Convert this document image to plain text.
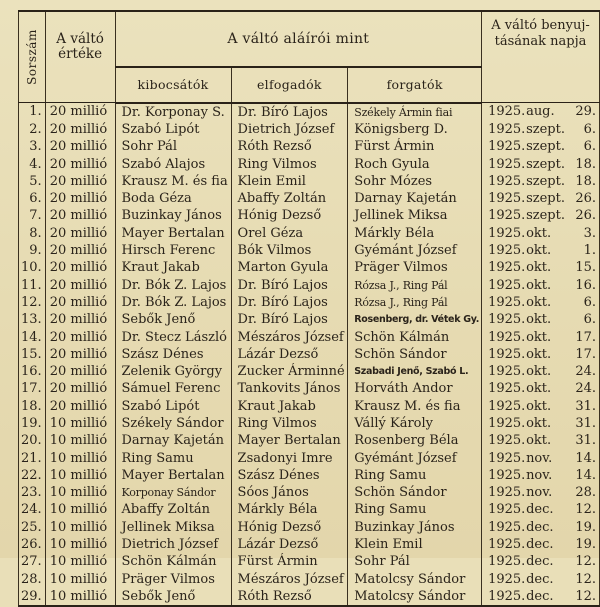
Sorszám	A váltó értéke	A váltó aláírói mint			A váltó benyuj- tásának napja
		kibocsátók	elfogadók	forgatók	
1.	20 millió	Dr. Korponay S.	Dr. Bíró Lajos	Székely Ármin fiai	1925.aug. 29.
2.	20 millió	Szabó Lipót	Dietrich József	Königsberg D.	1925.szept. 6.
3.	20 millió	Sohr Pál	Róth Rezső	Fürst Ármin	1925.szept. 6.
4.	20 millió	Szabó Alajos	Ring Vilmos	Roch Gyula	1925.szept. 18.
5.	20 millió	Krausz M. és fia	Klein Emil	Sohr Mózes	1925.szept. 18.
6.	20 millió	Boda Géza	Abaffy Zoltán	Darnay Kajetán	1925.szept. 26.
7.	20 millió	Buzinkay János	Hónig Dezső	Jellinek Miksa	1925.szept. 26.
8.	20 millió	Mayer Bertalan	Orel Géza	Márkly Béla	1925.okt. 3.
9.	20 millió	Hirsch Ferenc	Bók Vilmos	Gyémánt József	1925.okt. 1.
10.	20 millió	Kraut Jakab	Marton Gyula	Präger Vilmos	1925.okt. 15.
11.	20 millió	Dr. Bók Z. Lajos	Dr. Bíró Lajos	Rózsa J., Ring Pál	1925.okt. 16.
12.	20 millió	Dr. Bók Z. Lajos	Dr. Bíró Lajos	Rózsa J., Ring Pál	1925.okt. 6.
13.	20 millió	Sebők Jenő	Dr. Bíró Lajos	Rosenberg, dr. Vétek Gy.	1925.okt. 6.
14.	20 millió	Dr. Stecz László	Mészáros József	Schön Kálmán	1925.okt. 17.
15.	20 millió	Szász Dénes	Lázár Dezső	Schön Sándor	1925.okt. 17.
16.	20 millió	Zelenik György	Zucker Árminné	Szabadi Jenő, Szabó L.	1925.okt. 24.
17.	20 millió	Sámuel Ferenc	Tankovits János	Horváth Andor	1925.okt. 24.
18.	20 millió	Szabó Lipót	Kraut Jakab	Krausz M. és fia	1925.okt. 31.
19.	10 millió	Székely Sándor	Ring Vilmos	Vállý Károly	1925.okt. 31.
20.	10 millió	Darnay Kajetán	Mayer Bertalan	Rosenberg Béla	1925.okt. 31.
21.	10 millió	Ring Samu	Zsadonyi Imre	Gyémánt József	1925.nov. 14.
22.	10 millió	Mayer Bertalan	Szász Dénes	Ring Samu	1925.nov. 14.
23.	10 millió	Korponay Sándor	Sóos János	Schön Sándor	1925.nov. 28.
24.	10 millió	Abaffy Zoltán	Márkly Béla	Ring Samu	1925.dec. 12.
25.	10 millió	Jellinek Miksa	Hónig Dezső	Buzinkay János	1925.dec. 19.
26.	10 millió	Dietrich József	Lázár Dezső	Klein Emil	1925.dec. 19.
27.	10 millió	Schön Kálmán	Fürst Ármin	Sohr Pál	1925.dec. 12.
28.	10 millió	Präger Vilmos	Mészáros József	Matolcsy Sándor	1925.dec. 12.
29.	10 millió	Sebők Jenő	Róth Rezső	Matolcsy Sándor	1925.dec. 12.
